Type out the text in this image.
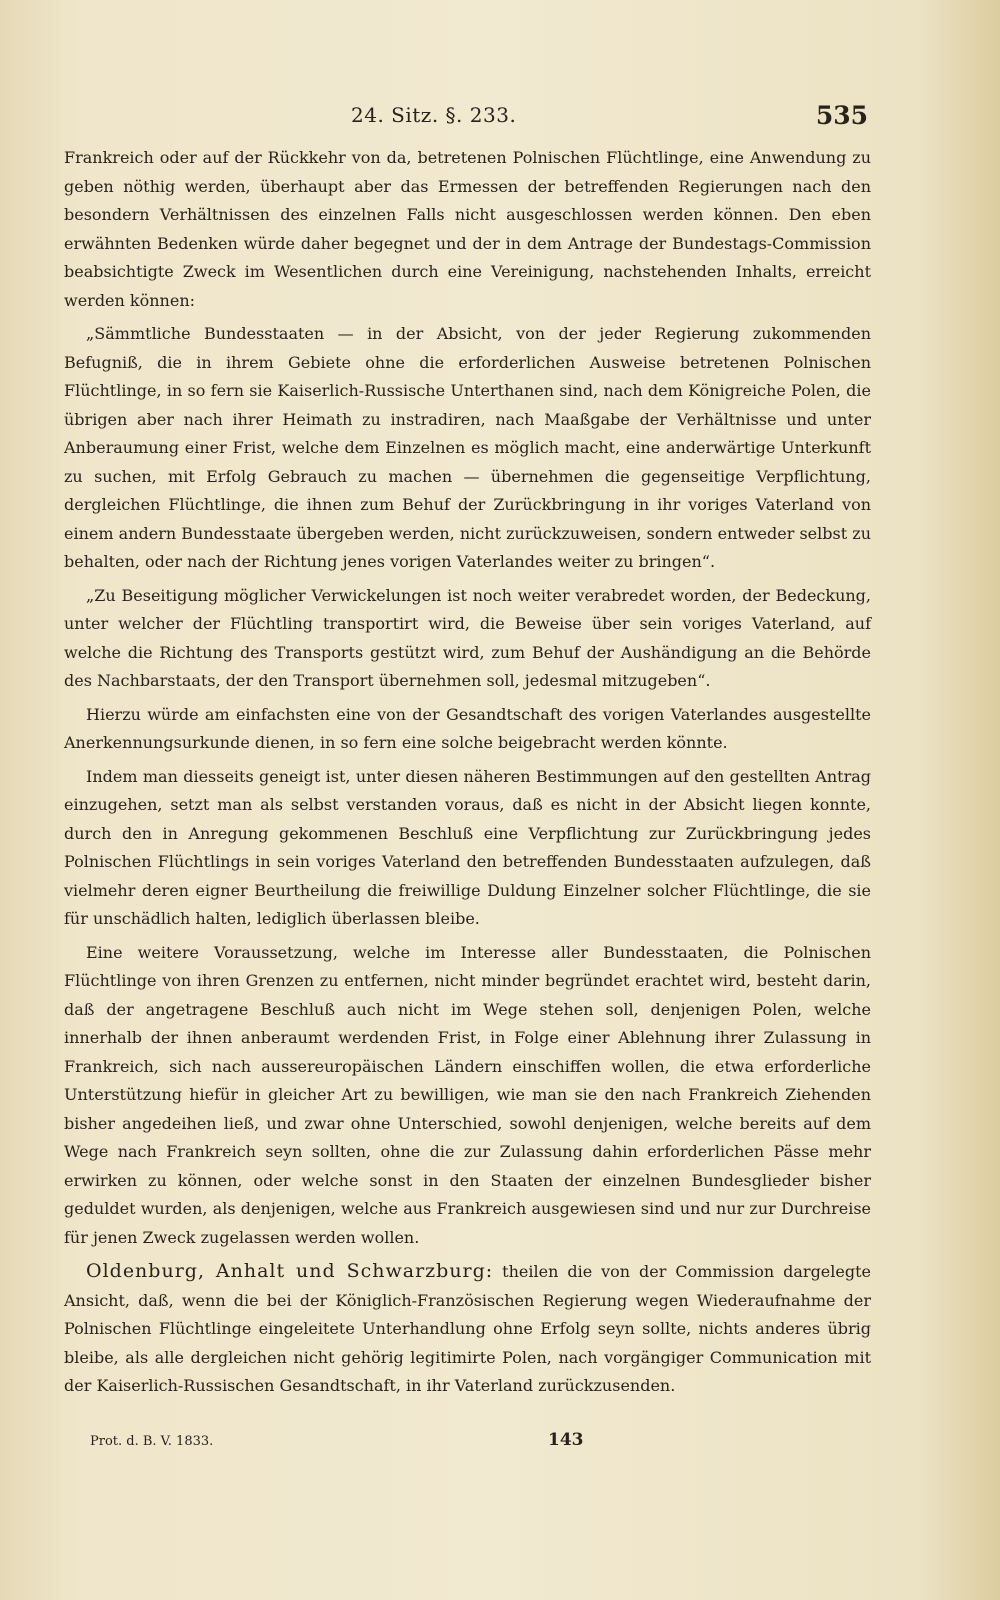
24. Sitz. §. 233.	535

Frankreich oder auf der Rückkehr von da, betretenen Polnischen Flüchtlinge, eine Anwendung zu geben nöthig werden, überhaupt aber das Ermessen der betreffenden Regierungen nach den besondern Verhältnissen des einzelnen Falls nicht ausgeschlossen werden können. Den eben erwähnten Bedenken würde daher begegnet und der in dem Antrage der Bundestags-Commission beabsichtigte Zweck im Wesentlichen durch eine Vereinigung, nachstehenden Inhalts, erreicht werden können:

„Sämmtliche Bundesstaaten — in der Absicht, von der jeder Regierung zukommenden Befugniß, die in ihrem Gebiete ohne die erforderlichen Ausweise betretenen Polnischen Flüchtlinge, in so fern sie Kaiserlich-Russische Unterthanen sind, nach dem Königreiche Polen, die übrigen aber nach ihrer Heimath zu instradiren, nach Maaßgabe der Verhältnisse und unter Anberaumung einer Frist, welche dem Einzelnen es möglich macht, eine anderwärtige Unterkunft zu suchen, mit Erfolg Gebrauch zu machen — übernehmen die gegenseitige Verpflichtung, dergleichen Flüchtlinge, die ihnen zum Behuf der Zurückbringung in ihr voriges Vaterland von einem andern Bundesstaate übergeben werden, nicht zurückzuweisen, sondern entweder selbst zu behalten, oder nach der Richtung jenes vorigen Vaterlandes weiter zu bringen“.

„Zu Beseitigung möglicher Verwickelungen ist noch weiter verabredet worden, der Bedeckung, unter welcher der Flüchtling transportirt wird, die Beweise über sein voriges Vaterland, auf welche die Richtung des Transports gestützt wird, zum Behuf der Aushändigung an die Behörde des Nachbarstaats, der den Transport übernehmen soll, jedesmal mitzugeben“.

Hierzu würde am einfachsten eine von der Gesandtschaft des vorigen Vaterlandes ausgestellte Anerkennungsurkunde dienen, in so fern eine solche beigebracht werden könnte.

Indem man diesseits geneigt ist, unter diesen näheren Bestimmungen auf den gestellten Antrag einzugehen, setzt man als selbst verstanden voraus, daß es nicht in der Absicht liegen konnte, durch den in Anregung gekommenen Beschluß eine Verpflichtung zur Zurückbringung jedes Polnischen Flüchtlings in sein voriges Vaterland den betreffenden Bundesstaaten aufzulegen, daß vielmehr deren eigner Beurtheilung die freiwillige Duldung Einzelner solcher Flüchtlinge, die sie für unschädlich halten, lediglich überlassen bleibe.

Eine weitere Voraussetzung, welche im Interesse aller Bundesstaaten, die Polnischen Flüchtlinge von ihren Grenzen zu entfernen, nicht minder begründet erachtet wird, besteht darin, daß der angetragene Beschluß auch nicht im Wege stehen soll, denjenigen Polen, welche innerhalb der ihnen anberaumt werdenden Frist, in Folge einer Ablehnung ihrer Zulassung in Frankreich, sich nach aussereuropäischen Ländern einschiffen wollen, die etwa erforderliche Unterstützung hiefür in gleicher Art zu bewilligen, wie man sie den nach Frankreich Ziehenden bisher angedeihen ließ, und zwar ohne Unterschied, sowohl denjenigen, welche bereits auf dem Wege nach Frankreich seyn sollten, ohne die zur Zulassung dahin erforderlichen Pässe mehr erwirken zu können, oder welche sonst in den Staaten der einzelnen Bundesglieder bisher geduldet wurden, als denjenigen, welche aus Frankreich ausgewiesen sind und nur zur Durchreise für jenen Zweck zugelassen werden wollen.

Oldenburg, Anhalt und Schwarzburg: theilen die von der Commission dargelegte Ansicht, daß, wenn die bei der Königlich-Französischen Regierung wegen Wiederaufnahme der Polnischen Flüchtlinge eingeleitete Unterhandlung ohne Erfolg seyn sollte, nichts anderes übrig bleibe, als alle dergleichen nicht gehörig legitimirte Polen, nach vorgängiger Communication mit der Kaiserlich-Russischen Gesandtschaft, in ihr Vaterland zurückzusenden.

Prot. d. B. V. 1833.	143
